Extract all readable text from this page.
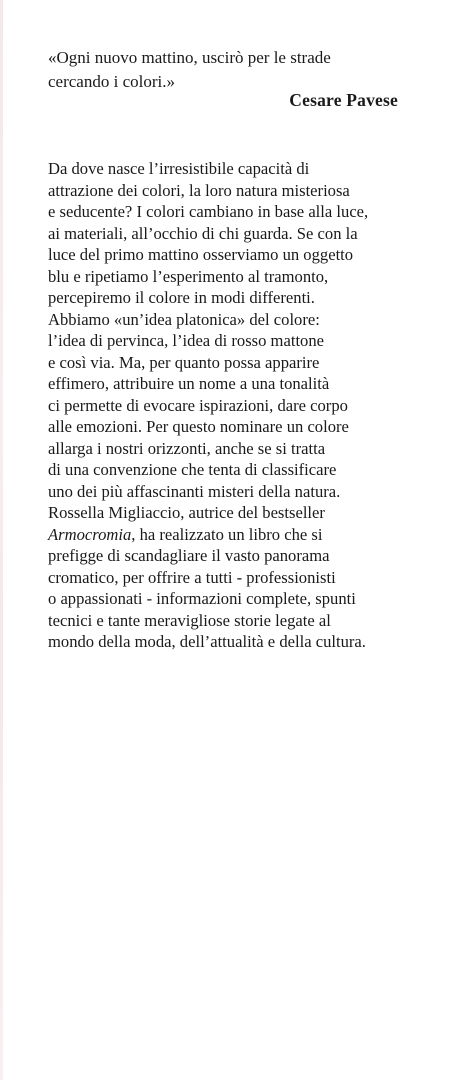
«Ogni nuovo mattino, uscirò per le strade
cercando i colori.»

Cesare Pavese

Da dove nasce l’irresistibile capacità di
attrazione dei colori, la loro natura misteriosa
e seducente? I colori cambiano in base alla luce,
ai materiali, all’occhio di chi guarda. Se con la
luce del primo mattino osserviamo un oggetto
blu e ripetiamo l’esperimento al tramonto,
percepiremo il colore in modi differenti.
Abbiamo «un’idea platonica» del colore:
l’idea di pervinca, l’idea di rosso mattone
e così via. Ma, per quanto possa apparire
effimero, attribuire un nome a una tonalità
ci permette di evocare ispirazioni, dare corpo
alle emozioni. Per questo nominare un colore
allarga i nostri orizzonti, anche se si tratta
di una convenzione che tenta di classificare
uno dei più affascinanti misteri della natura.
Rossella Migliaccio, autrice del bestseller
Armocromia, ha realizzato un libro che si
prefigge di scandagliare il vasto panorama
cromatico, per offrire a tutti - professionisti
o appassionati - informazioni complete, spunti
tecnici e tante meravigliose storie legate al
mondo della moda, dell’attualità e della cultura.
